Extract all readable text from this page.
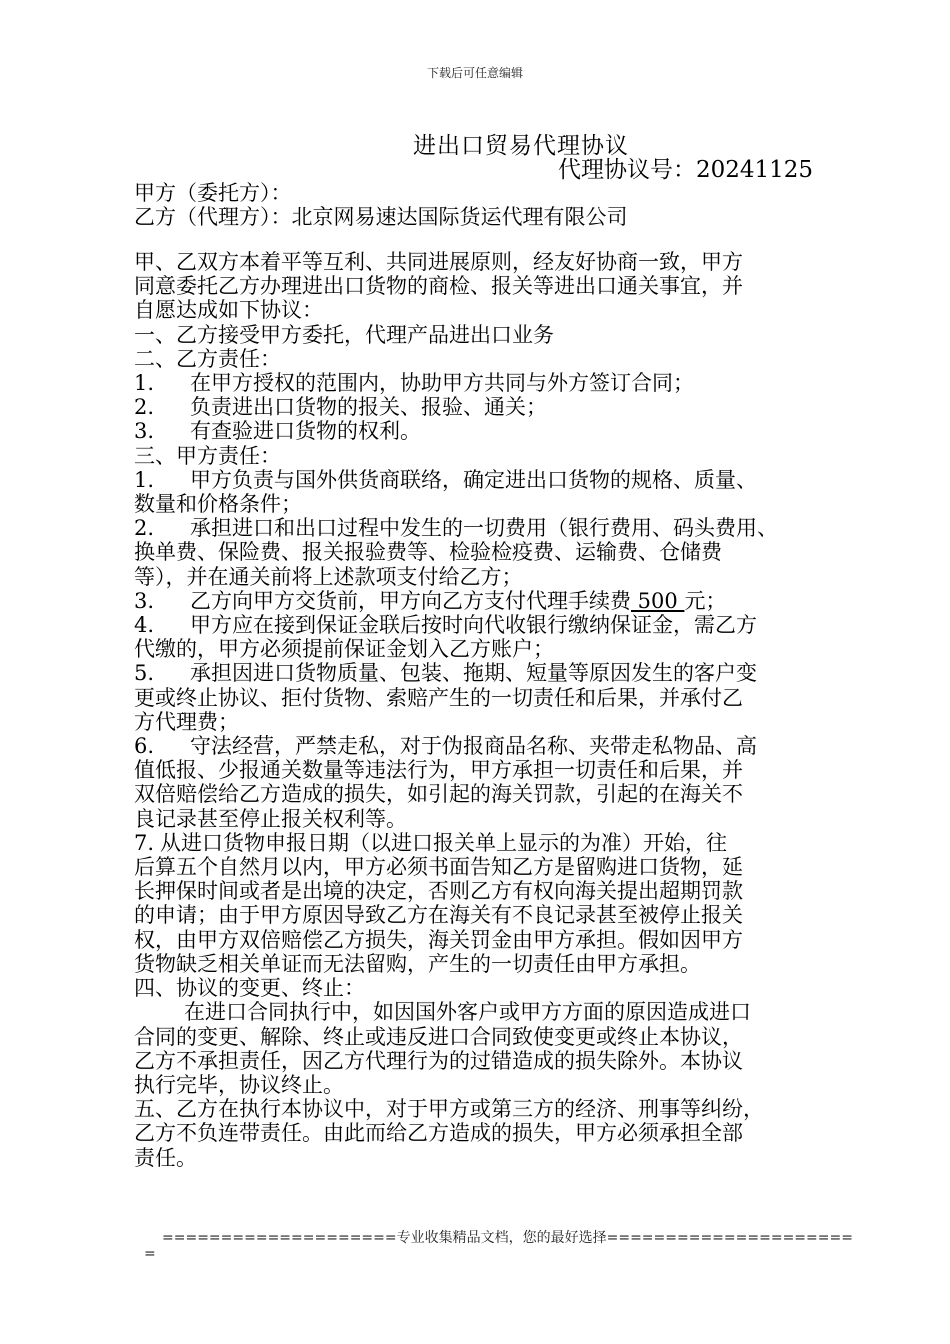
下载后可任意编辑
进出口贸易代理协议
代理协议号：20241125
甲方（委托方）：
乙方（代理方）：北京网易速达国际货运代理有限公司

甲、乙双方本着平等互利、共同进展原则，经友好协商一致，甲方

同意委托乙方办理进出口货物的商检、报关等进出口通关事宜，并

自愿达成如下协议：

一、乙方接受甲方委托，代理产品进出口业务

二、乙方责任：

1. 在甲方授权的范围内，协助甲方共同与外方签订合同；

2. 负责进出口货物的报关、报验、通关；

3. 有查验进口货物的权利。

三、甲方责任：

1. 甲方负责与国外供货商联络，确定进出口货物的规格、质量、

数量和价格条件；

2. 承担进口和出口过程中发生的一切费用（银行费用、码头费用、

换单费、保险费、报关报验费等、检验检疫费、运输费、仓储费

等），并在通关前将上述款项支付给乙方；

3. 乙方向甲方交货前，甲方向乙方支付代理手续费 500 元；

4. 甲方应在接到保证金联后按时向代收银行缴纳保证金，需乙方

代缴的，甲方必须提前保证金划入乙方账户；

5. 承担因进口货物质量、包装、拖期、短量等原因发生的客户变

更或终止协议、拒付货物、索赔产生的一切责任和后果，并承付乙

方代理费；

6. 守法经营，严禁走私，对于伪报商品名称、夹带走私物品、高

值低报、少报通关数量等违法行为，甲方承担一切责任和后果，并

双倍赔偿给乙方造成的损失，如引起的海关罚款，引起的在海关不

良记录甚至停止报关权利等。

7. 从进口货物申报日期（以进口报关单上显示的为准）开始，往

后算五个自然月以内，甲方必须书面告知乙方是留购进口货物，延

长押保时间或者是出境的决定，否则乙方有权向海关提出超期罚款

的申请；由于甲方原因导致乙方在海关有不良记录甚至被停止报关

权，由甲方双倍赔偿乙方损失，海关罚金由甲方承担。假如因甲方

货物缺乏相关单证而无法留购，产生的一切责任由甲方承担。

四、协议的变更、终止：

在进口合同执行中，如因国外客户或甲方方面的原因造成进口

合同的变更、解除、终止或违反进口合同致使变更或终止本协议，

乙方不承担责任，因乙方代理行为的过错造成的损失除外。本协议

执行完毕，协议终止。

五、乙方在执行本协议中，对于甲方或第三方的经济、刑事等纠纷，

乙方不负连带责任。由此而给乙方造成的损失，甲方必须承担全部

责任。

====================专业收集精品文档，您的最好选择=====================
=
